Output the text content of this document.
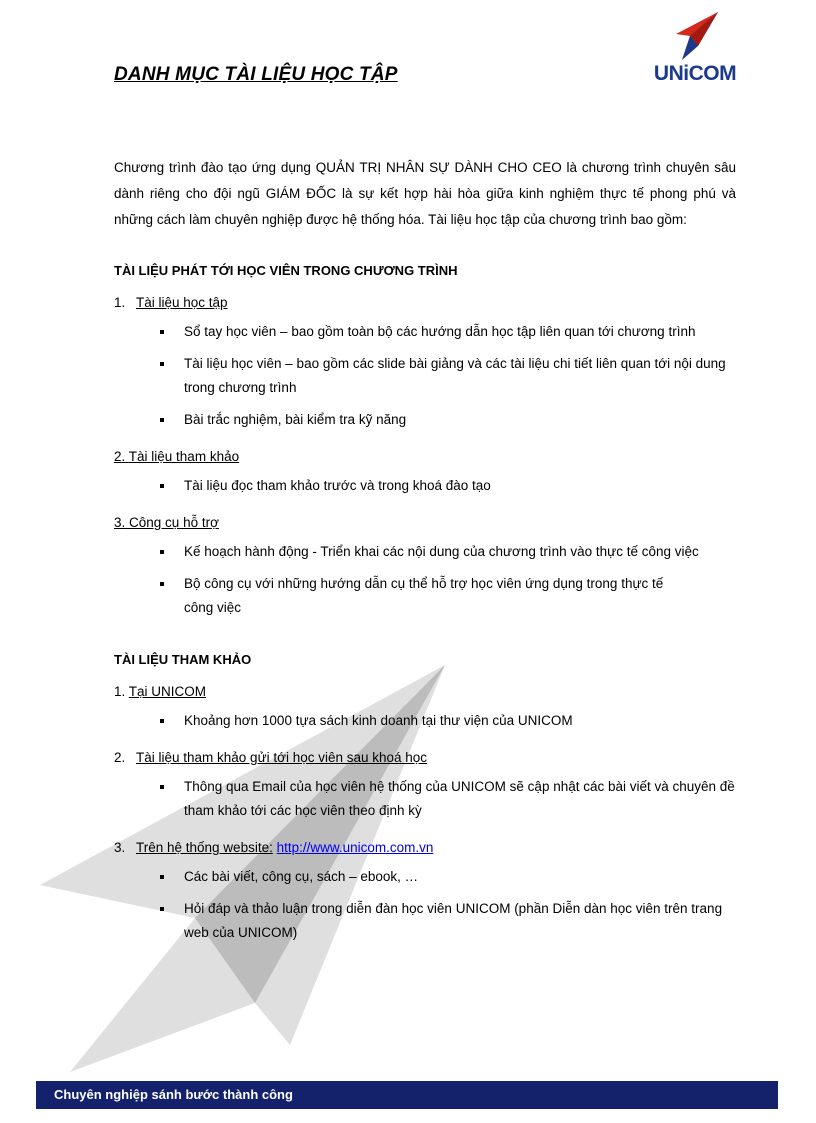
DANH MỤC TÀI LIỆU HỌC TẬP	UNiCOM

Chương trình đào tạo ứng dụng QUẢN TRỊ NHÂN SỰ DÀNH CHO CEO là chương trình chuyên sâu dành riêng cho đội ngũ GIÁM ĐỐC là sự kết hợp hài hòa giữa kinh nghiệm thực tế phong phú và những cách làm chuyên nghiệp được hệ thống hóa. Tài liệu học tập của chương trình bao gồm:

TÀI LIỆU PHÁT TỚI HỌC VIÊN TRONG CHƯƠNG TRÌNH
1. Tài liệu học tập
Sổ tay học viên – bao gồm toàn bộ các hướng dẫn học tập liên quan tới chương trình
Tài liệu học viên – bao gồm các slide bài giảng và các tài liệu chi tiết liên quan tới nội dung trong chương trình
Bài trắc nghiệm, bài kiểm tra kỹ năng
2. Tài liệu tham khảo
Tài liệu đọc tham khảo trước và trong khoá đào tạo
3. Công cụ hỗ trợ
Kế hoạch hành động - Triển khai các nội dung của chương trình vào thực tế công việc
Bộ công cụ với những hướng dẫn cụ thể hỗ trợ học viên ứng dụng trong thực tế công việc
TÀI LIỆU THAM KHẢO
1. Tại UNICOM
Khoảng hơn 1000 tựa sách kinh doanh tại thư viện của UNICOM
2. Tài liệu tham khảo gửi tới học viên sau khoá học
Thông qua Email của học viên hệ thống của UNICOM sẽ cập nhật các bài viết và chuyên đề tham khảo tới các học viên theo định kỳ
3. Trên hệ thống website: http://www.unicom.com.vn
Các bài viết, công cụ, sách – ebook, …
Hỏi đáp và thảo luận trong diễn đàn học viên UNICOM (phần Diễn dàn học viên trên trang web của UNICOM)
Chuyên nghiệp sánh bước thành công
